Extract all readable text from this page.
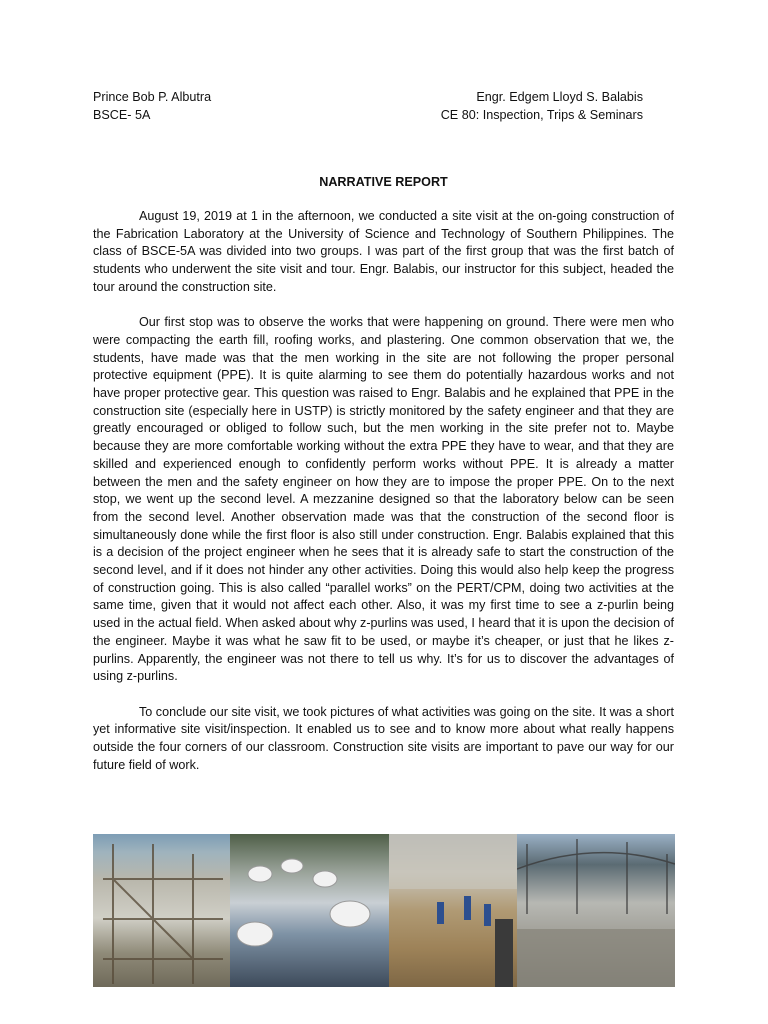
Prince Bob P. Albutra
BSCE- 5A
Engr. Edgem Lloyd S. Balabis
CE 80: Inspection, Trips & Seminars
NARRATIVE REPORT

August 19, 2019 at 1 in the afternoon, we conducted a site visit at the on-going construction of the Fabrication Laboratory at the University of Science and Technology of Southern Philippines. The class of BSCE-5A was divided into two groups. I was part of the first group that was the first batch of students who underwent the site visit and tour. Engr. Balabis, our instructor for this subject, headed the tour around the construction site.

Our first stop was to observe the works that were happening on ground. There were men who were compacting the earth fill, roofing works, and plastering. One common observation that we, the students, have made was that the men working in the site are not following the proper personal protective equipment (PPE). It is quite alarming to see them do potentially hazardous works and not have proper protective gear. This question was raised to Engr. Balabis and he explained that PPE in the construction site (especially here in USTP) is strictly monitored by the safety engineer and that they are greatly encouraged or obliged to follow such, but the men working in the site prefer not to. Maybe because they are more comfortable working without the extra PPE they have to wear, and that they are skilled and experienced enough to confidently perform works without PPE. It is already a matter between the men and the safety engineer on how they are to impose the proper PPE. On to the next stop, we went up the second level. A mezzanine designed so that the laboratory below can be seen from the second level. Another observation made was that the construction of the second floor is simultaneously done while the first floor is also still under construction. Engr. Balabis explained that this is a decision of the project engineer when he sees that it is already safe to start the construction of the second level, and if it does not hinder any other activities. Doing this would also help keep the progress of construction going. This is also called “parallel works” on the PERT/CPM, doing two activities at the same time, given that it would not affect each other. Also, it was my first time to see a z-purlin being used in the actual field. When asked about why z-purlins was used, I heard that it is upon the decision of the engineer. Maybe it was what he saw fit to be used, or maybe it’s cheaper, or just that he likes z-purlins. Apparently, the engineer was not there to tell us why. It’s for us to discover the advantages of using z-purlins.

To conclude our site visit, we took pictures of what activities was going on the site. It was a short yet informative site visit/inspection. It enabled us to see and to know more about what really happens outside the four corners of our classroom. Construction site visits are important to pave our way for our future field of work.
